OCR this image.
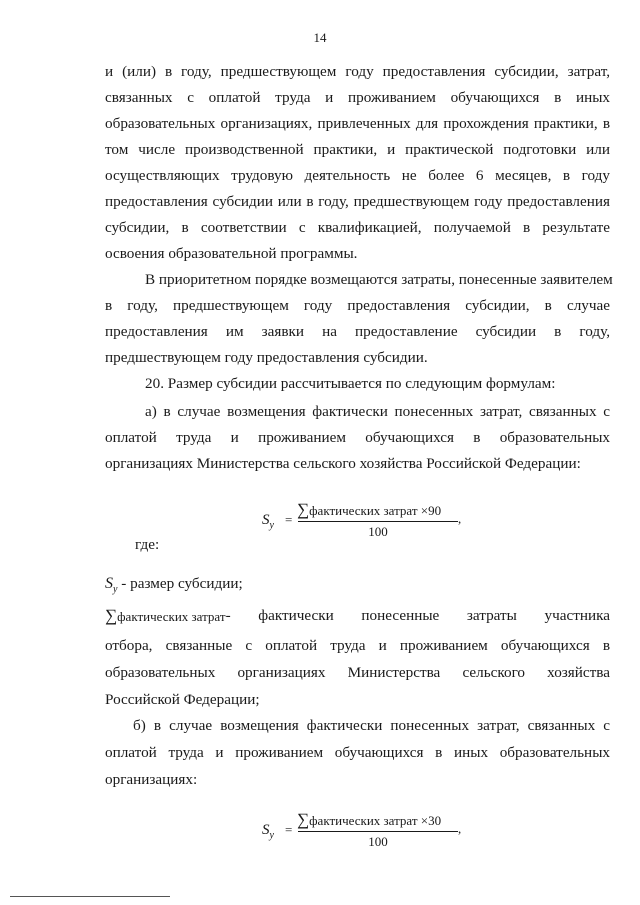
14
и (или) в году, предшествующем году предоставления субсидии, затрат,
связанных с оплатой труда и проживанием обучающихся в иных
образовательных организациях, привлеченных для прохождения практики, в
том числе производственной практики, и практической подготовки или
осуществляющих трудовую деятельность не более 6 месяцев, в году
предоставления субсидии или в году, предшествующем году предоставления
субсидии, в соответствии с квалификацией, получаемой в результате
освоения образовательной программы.
В приоритетном порядке возмещаются затраты, понесенные заявителем
в году, предшествующем году предоставления субсидии, в случае
предоставления им заявки на предоставление субсидии в году,
предшествующем году предоставления субсидии.
20. Размер субсидии рассчитывается по следующим формулам:
а) в случае возмещения фактически понесенных затрат, связанных с
оплатой труда и проживанием обучающихся в образовательных
организациях Министерства сельского хозяйства Российской Федерации:
$S_y$ =
∑фактических затрат ×90
100
,
где:
$S_y$ - размер субсидии;
∑фактических затрат - фактически понесенные затраты участника
отбора, связанные с оплатой труда и проживанием обучающихся в
образовательных организациях Министерства сельского хозяйства
Российской Федерации;
б) в случае возмещения фактически понесенных затрат, связанных с
оплатой труда и проживанием обучающихся в иных образовательных
организациях:
$S_y$ =
∑фактических затрат ×30
100
,
